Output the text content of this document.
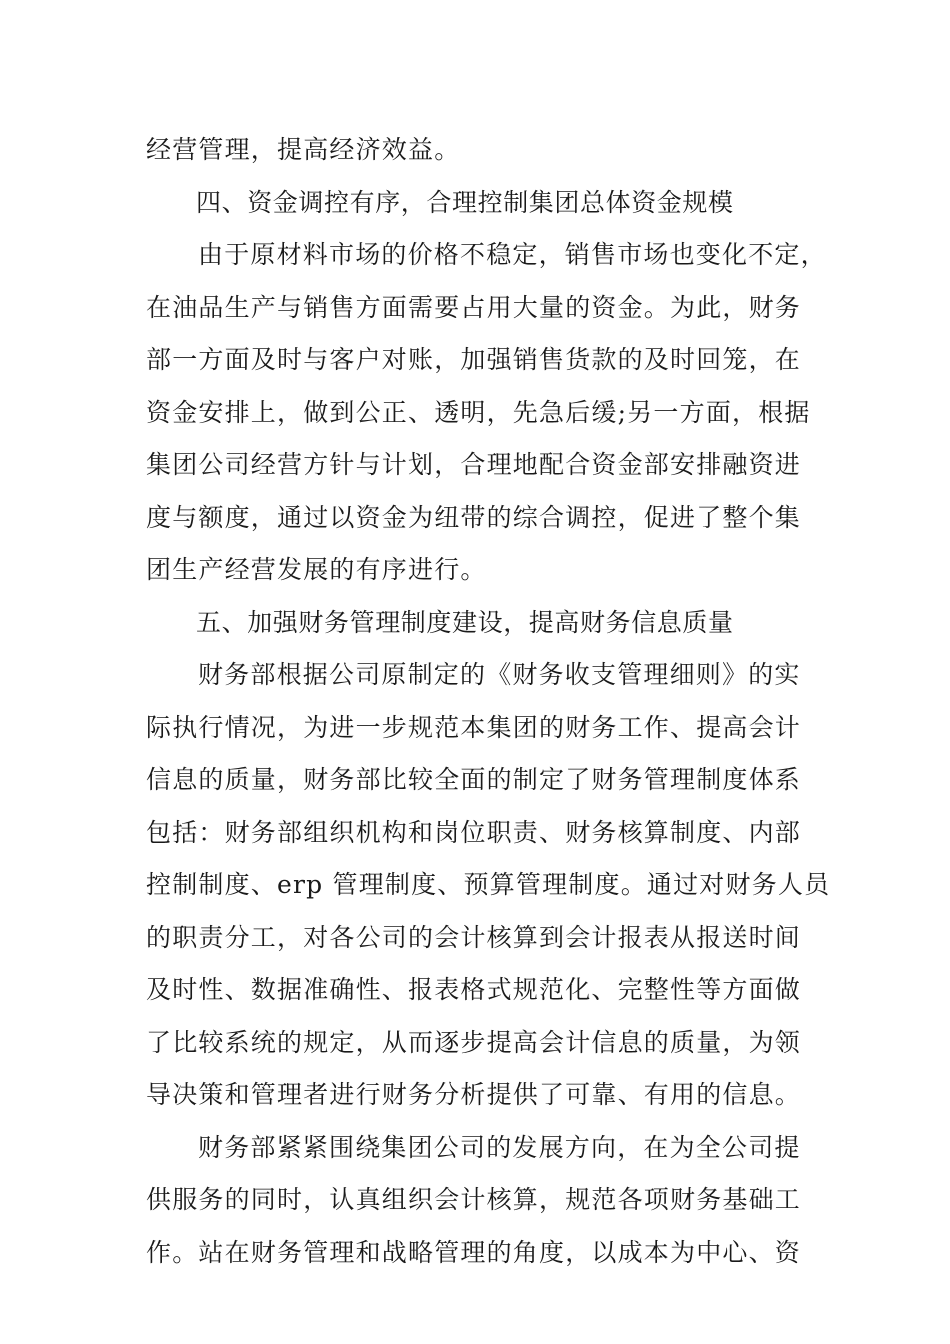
经营管理，提高经济效益。

四、资金调控有序，合理控制集团总体资金规模

由于原材料市场的价格不稳定，销售市场也变化不定，

在油品生产与销售方面需要占用大量的资金。为此，财务

部一方面及时与客户对账，加强销售货款的及时回笼，在

资金安排上，做到公正、透明，先急后缓;另一方面，根据

集团公司经营方针与计划，合理地配合资金部安排融资进

度与额度，通过以资金为纽带的综合调控，促进了整个集

团生产经营发展的有序进行。

五、加强财务管理制度建设，提高财务信息质量

财务部根据公司原制定的《财务收支管理细则》的实

际执行情况，为进一步规范本集团的财务工作、提高会计

信息的质量，财务部比较全面的制定了财务管理制度体系

包括：财务部组织机构和岗位职责、财务核算制度、内部

控制制度、erp 管理制度、预算管理制度。通过对财务人员

的职责分工，对各公司的会计核算到会计报表从报送时间

及时性、数据准确性、报表格式规范化、完整性等方面做

了比较系统的规定，从而逐步提高会计信息的质量，为领

导决策和管理者进行财务分析提供了可靠、有用的信息。

财务部紧紧围绕集团公司的发展方向，在为全公司提

供服务的同时，认真组织会计核算，规范各项财务基础工

作。站在财务管理和战略管理的角度，以成本为中心、资
